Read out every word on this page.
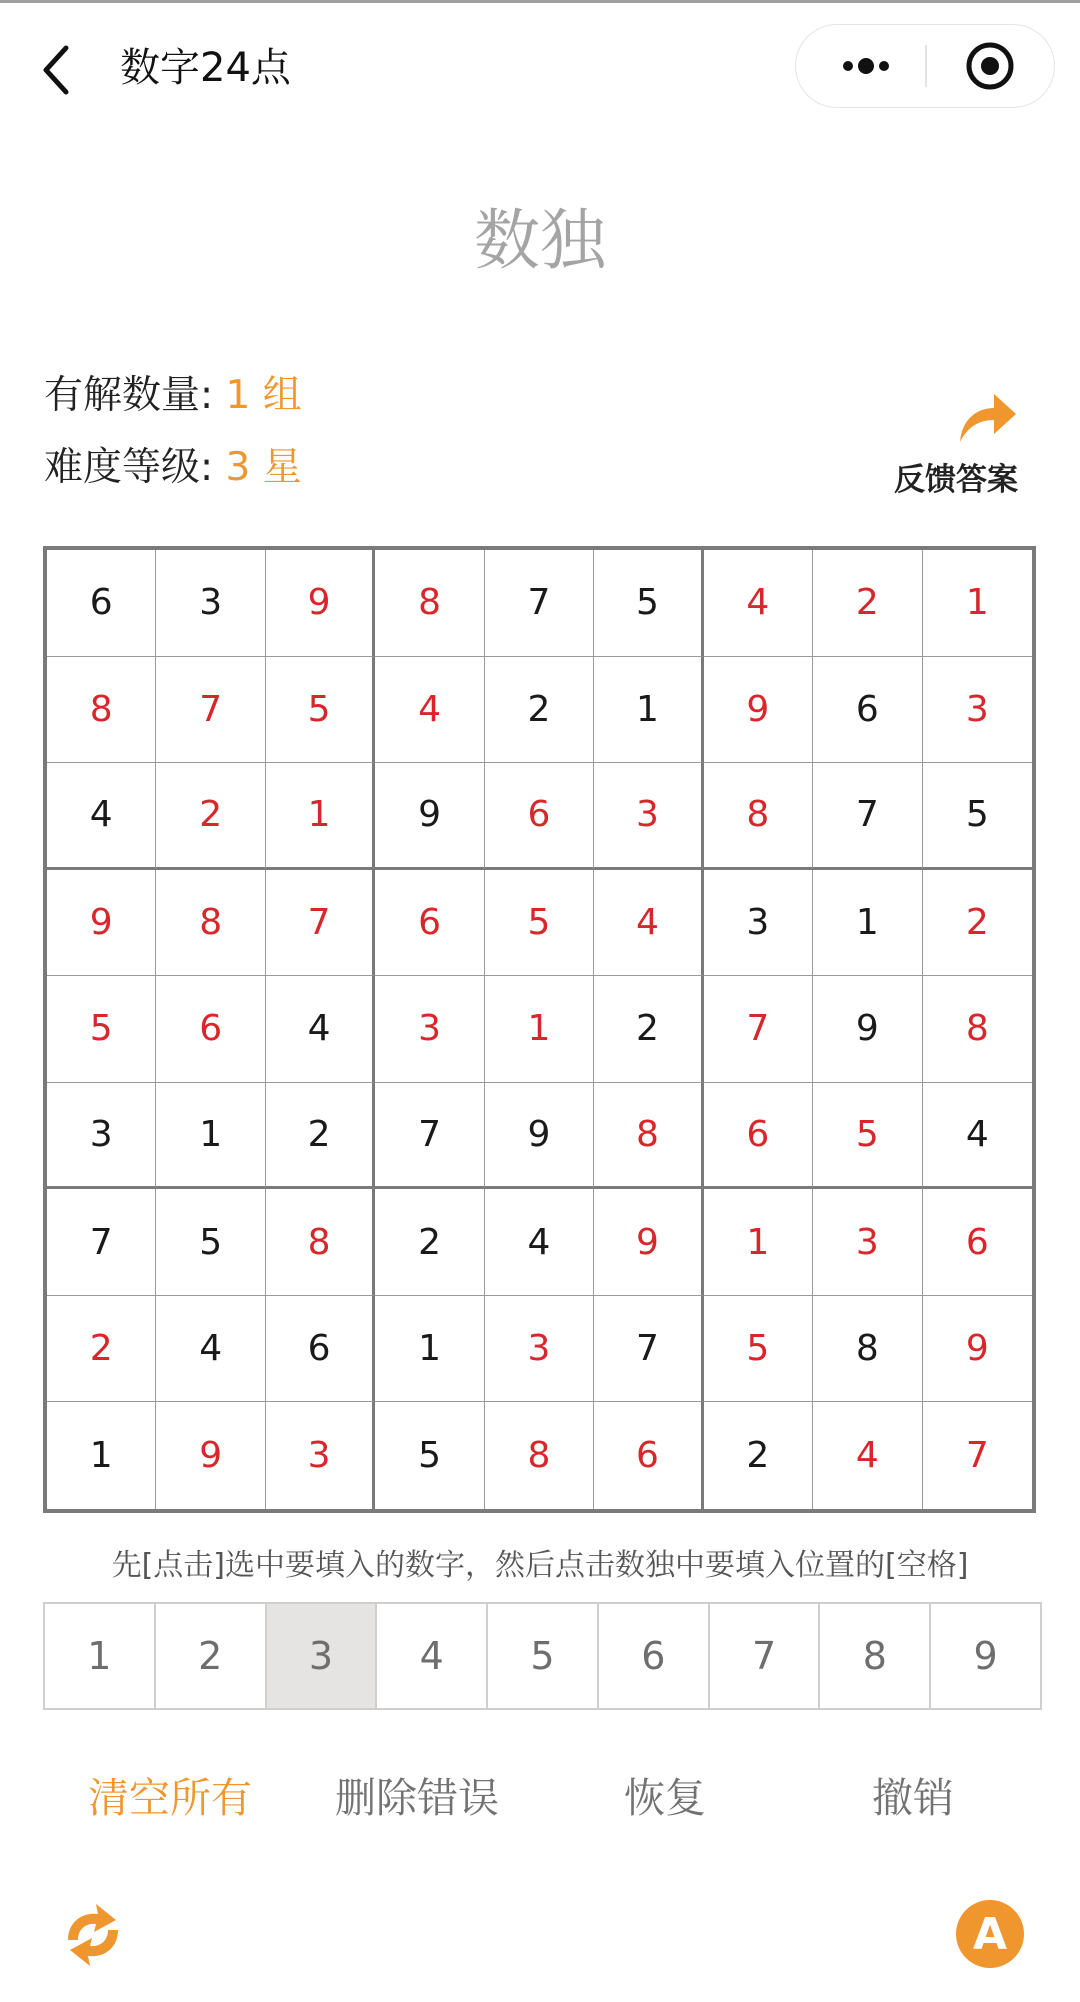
数字24点
数独
有解数量: 1 组
难度等级: 3 星	反馈答案
6	3	9	8	7	5	4	2	1
8	7	5	4	2	1	9	6	3
4	2	1	9	6	3	8	7	5
9	8	7	6	5	4	3	1	2
5	6	4	3	1	2	7	9	8
3	1	2	7	9	8	6	5	4
7	5	8	2	4	9	1	3	6
2	4	6	1	3	7	5	8	9
1	9	3	5	8	6	2	4	7
先[点击]选中要填入的数字，然后点击数独中要填入位置的[空格]
1	2	3	4	5	6	7	8	9
清空所有 删除错误	恢复	撤销
A
